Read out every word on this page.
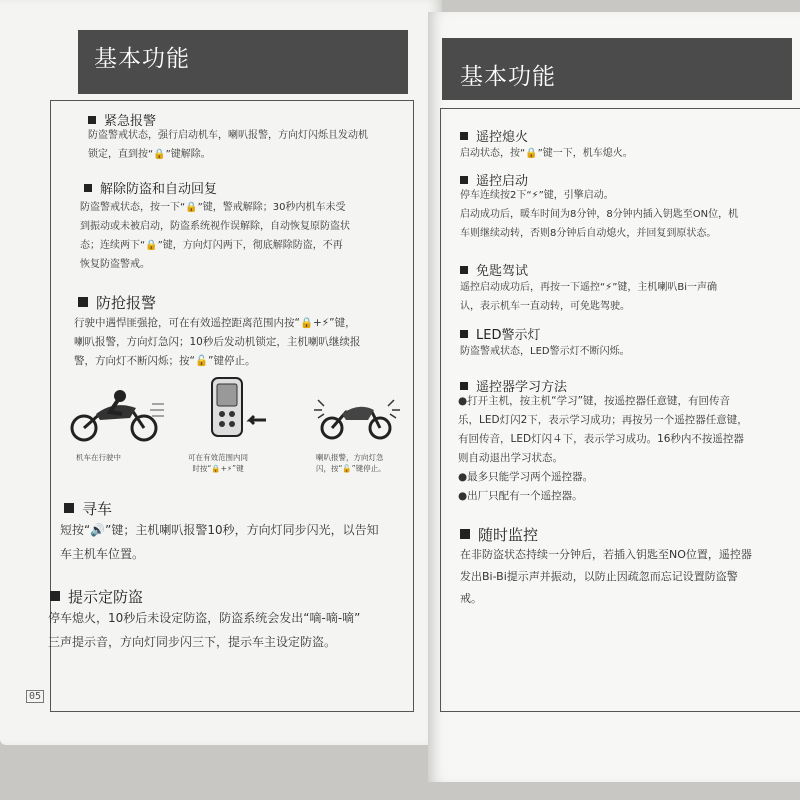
基本功能
紧急报警

防盗警戒状态，强行启动机车，喇叭报警，方向灯闪烁且发动机

锁定，直到按“🔒”键解除。

解除防盗和自动回复

防盗警戒状态，按一下“🔒”键，警戒解除；30秒内机车未受

到振动或未被启动，防盗系统视作误解除，自动恢复原防盗状

态；连续两下“🔒”键，方向灯闪两下，彻底解除防盗，不再

恢复防盗警戒。

防抢报警

行驶中遇悍匪强抢，可在有效遥控距离范围内按“🔒+⚡”键，

喇叭报警，方向灯急闪；10秒后发动机锁定，主机喇叭继续报

警，方向灯不断闪烁；按“🔓”键停止。

机车在行驶中	可在有效范围内同

时按“🔒+⚡”键

喇叭报警，方向灯急

闪，按“🔓”键停止。

寻车

短按“🔊”键；主机喇叭报警10秒，方向灯同步闪光，以告知

车主机车位置。

提示定防盗

停车熄火，10秒后未设定防盗，防盗系统会发出“嘀-嘀-嘀”

三声提示音，方向灯同步闪三下，提示车主设定防盗。

05
基本功能
遥控熄火

启动状态，按“🔒”键一下，机车熄火。

遥控启动

停车连续按2下“⚡”键，引擎启动。

启动成功后，暖车时间为8分钟，8分钟内插入钥匙至ON位，机

车则继续动转，否则8分钟后自动熄火，并回复到原状态。

免匙驾试

遥控启动成功后，再按一下遥控“⚡”键，主机喇叭Bi一声确

认，表示机车一直动转，可免匙驾驶。

LED警示灯

防盗警戒状态，LED警示灯不断闪烁。

遥控器学习方法

●打开主机，按主机“学习”键，按遥控器任意键，有回传音

乐，LED灯闪2下，表示学习成功；再按另一个遥控器任意键，

有回传音，LED灯闪４下，表示学习成功。16秒内不按遥控器

则自动退出学习状态。

●最多只能学习两个遥控器。

●出厂只配有一个遥控器。

随时监控

在非防盗状态持续一分钟后，若插入钥匙至NO位置，遥控器

发出Bi-Bi提示声并振动，以防止因疏忽而忘记设置防盗警

戒。
